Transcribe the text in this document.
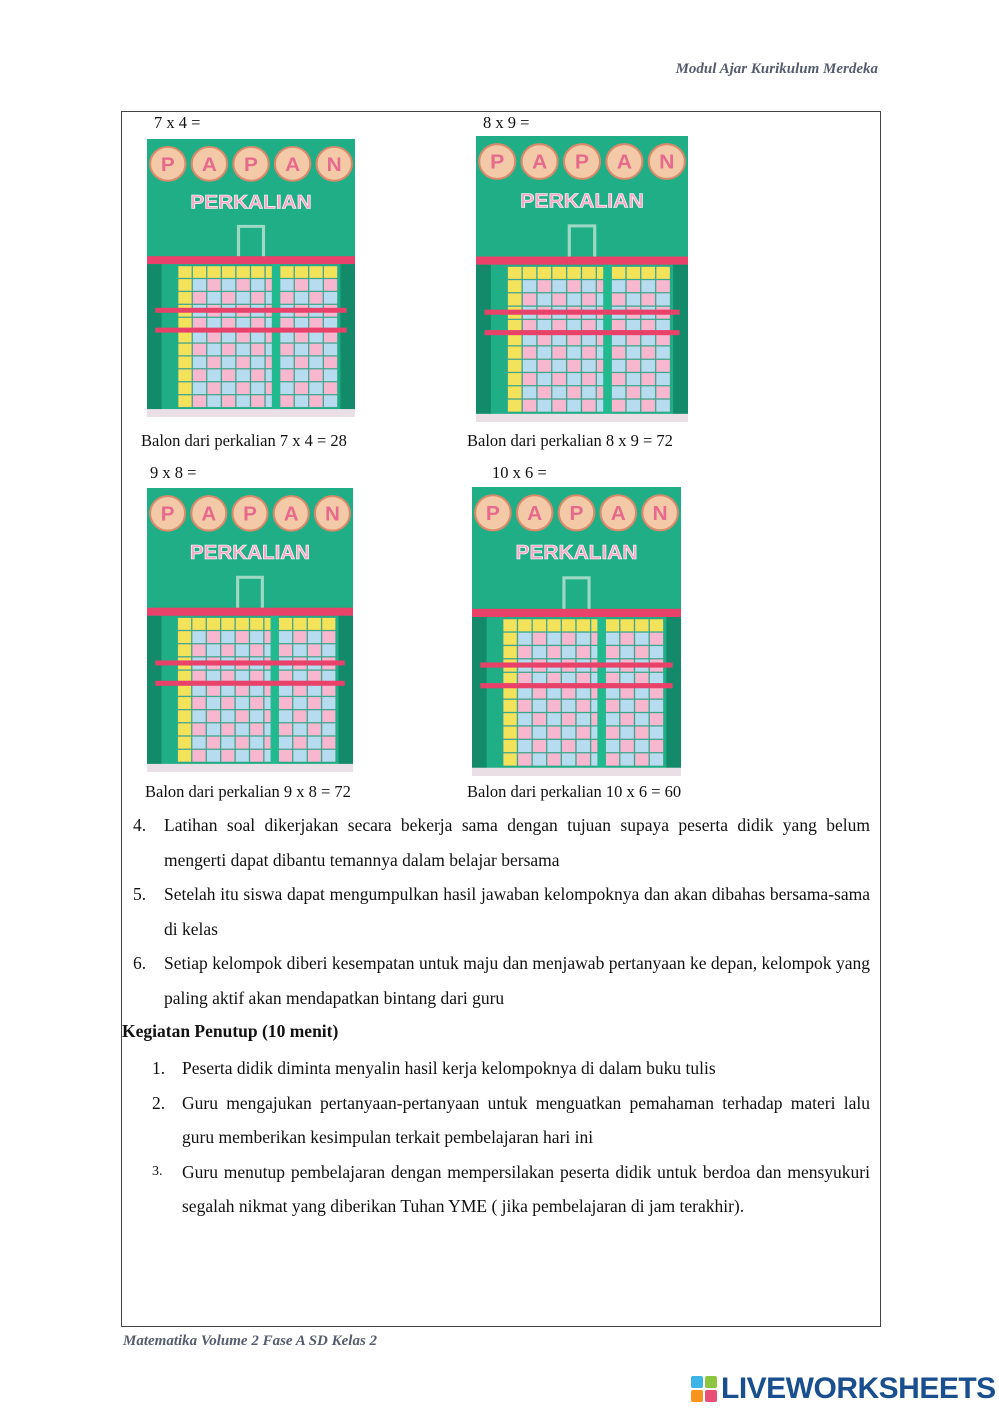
Modul Ajar Kurikulum Merdeka
7 x 4 =
P A P A N
PERKALIAN
Balon dari perkalian 7 x 4 = 28
8 x 9 =
P A P A N
PERKALIAN
Balon dari perkalian 8 x 9 = 72
9 x 8 =
P A P A N
PERKALIAN
Balon dari perkalian 9 x 8 = 72
10 x 6 =
P A P A N
PERKALIAN
Balon dari perkalian 10 x 6 = 60
4. Latihan soal dikerjakan secara bekerja sama dengan tujuan supaya peserta didik yang belum mengerti dapat dibantu temannya dalam belajar bersama
5. Setelah itu siswa dapat mengumpulkan hasil jawaban kelompoknya dan akan dibahas bersama-sama di kelas
6. Setiap kelompok diberi kesempatan untuk maju dan menjawab pertanyaan ke depan, kelompok yang paling aktif akan mendapatkan bintang dari guru
Kegiatan Penutup (10 menit)
1. Peserta didik diminta menyalin hasil kerja kelompoknya di dalam buku tulis
2. Guru mengajukan pertanyaan-pertanyaan untuk menguatkan pemahaman terhadap materi lalu guru memberikan kesimpulan terkait pembelajaran hari ini
3. Guru menutup pembelajaran dengan mempersilakan peserta didik untuk berdoa dan mensyukuri segalah nikmat yang diberikan Tuhan YME ( jika pembelajaran di jam terakhir).
Matematika Volume 2 Fase A SD Kelas 2
LIVEWORKSHEETS
